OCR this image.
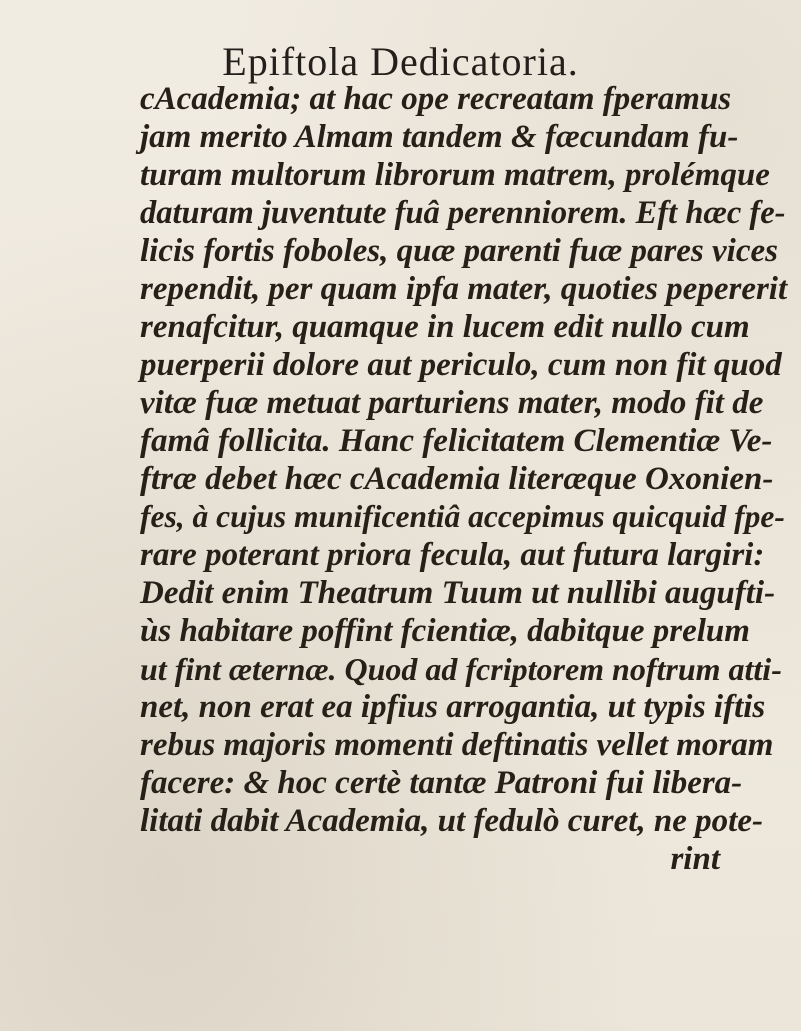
Epiftola Dedicatoria.
cAcademia; at hac ope recreatam fperamus
jam merito Almam tandem & fæcundam fu-
turam multorum librorum matrem, prolémque
daturam juventute fuâ perenniorem. Eft hæc fe-
licis fortis foboles, quæ parenti fuæ pares vices
rependit, per quam ipfa mater, quoties pepererit
renafcitur, quamque in lucem edit nullo cum
puerperii dolore aut periculo, cum non fit quod
vitæ fuæ metuat parturiens mater, modo fit de
famâ follicita. Hanc felicitatem Clementiæ Ve-
ftræ debet hæc cAcademia literæque Oxonien-
fes, à cujus munificentiâ accepimus quicquid fpe-
rare poterant priora fecula, aut futura largiri:
Dedit enim Theatrum Tuum ut nullibi augufti-
ùs habitare poffint fcientiæ, dabitque prelum
ut fint æternæ. Quod ad fcriptorem noftrum atti-
net, non erat ea ipfius arrogantia, ut typis iftis
rebus majoris momenti deftinatis vellet moram
facere: & hoc certè tantæ Patroni fui libera-
litati dabit Academia, ut fedulò curet, ne pote-
rint
